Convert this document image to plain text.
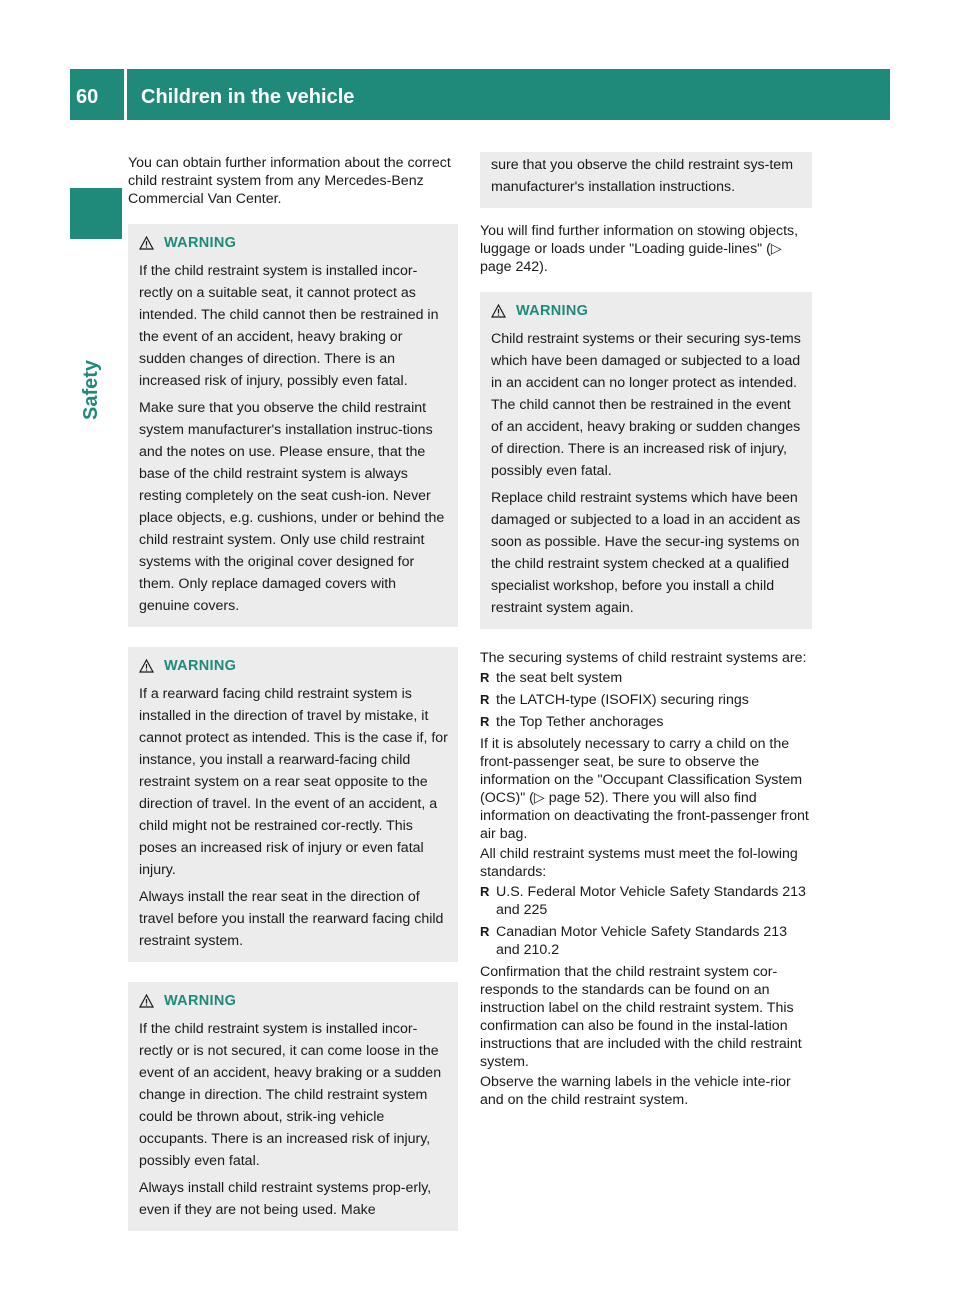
60	Children in the vehicle
Safety

You can obtain further information about the correct child restraint system from any Mercedes-Benz Commercial Van Center.

WARNING

If the child restraint system is installed incor-rectly on a suitable seat, it cannot protect as intended. The child cannot then be restrained in the event of an accident, heavy braking or sudden changes of direction. There is an increased risk of injury, possibly even fatal.

Make sure that you observe the child restraint system manufacturer's installation instruc-tions and the notes on use. Please ensure, that the base of the child restraint system is always resting completely on the seat cush-ion. Never place objects, e.g. cushions, under or behind the child restraint system. Only use child restraint systems with the original cover designed for them. Only replace damaged covers with genuine covers.

WARNING

If a rearward facing child restraint system is installed in the direction of travel by mistake, it cannot protect as intended. This is the case if, for instance, you install a rearward-facing child restraint system on a rear seat opposite to the direction of travel. In the event of an accident, a child might not be restrained cor-rectly. This poses an increased risk of injury or even fatal injury.

Always install the rear seat in the direction of travel before you install the rearward facing child restraint system.

WARNING

If the child restraint system is installed incor-rectly or is not secured, it can come loose in the event of an accident, heavy braking or a sudden change in direction. The child restraint system could be thrown about, strik-ing vehicle occupants. There is an increased risk of injury, possibly even fatal.

Always install child restraint systems prop-erly, even if they are not being used. Make

sure that you observe the child restraint sys-tem manufacturer's installation instructions.

You will find further information on stowing objects, luggage or loads under "Loading guide-lines" (▷ page 242).

WARNING

Child restraint systems or their securing sys-tems which have been damaged or subjected to a load in an accident can no longer protect as intended. The child cannot then be restrained in the event of an accident, heavy braking or sudden changes of direction. There is an increased risk of injury, possibly even fatal.

Replace child restraint systems which have been damaged or subjected to a load in an accident as soon as possible. Have the secur-ing systems on the child restraint system checked at a qualified specialist workshop, before you install a child restraint system again.

The securing systems of child restraint systems are:

R the seat belt system
R the LATCH-type (ISOFIX) securing rings
R the Top Tether anchorages

If it is absolutely necessary to carry a child on the front-passenger seat, be sure to observe the information on the "Occupant Classification System (OCS)" (▷ page 52). There you will also find information on deactivating the front-passenger front air bag.

All child restraint systems must meet the fol-lowing standards:

R U.S. Federal Motor Vehicle Safety Standards 213 and 225
R Canadian Motor Vehicle Safety Standards 213 and 210.2

Confirmation that the child restraint system cor-responds to the standards can be found on an instruction label on the child restraint system. This confirmation can also be found in the instal-lation instructions that are included with the child restraint system.

Observe the warning labels in the vehicle inte-rior and on the child restraint system.
